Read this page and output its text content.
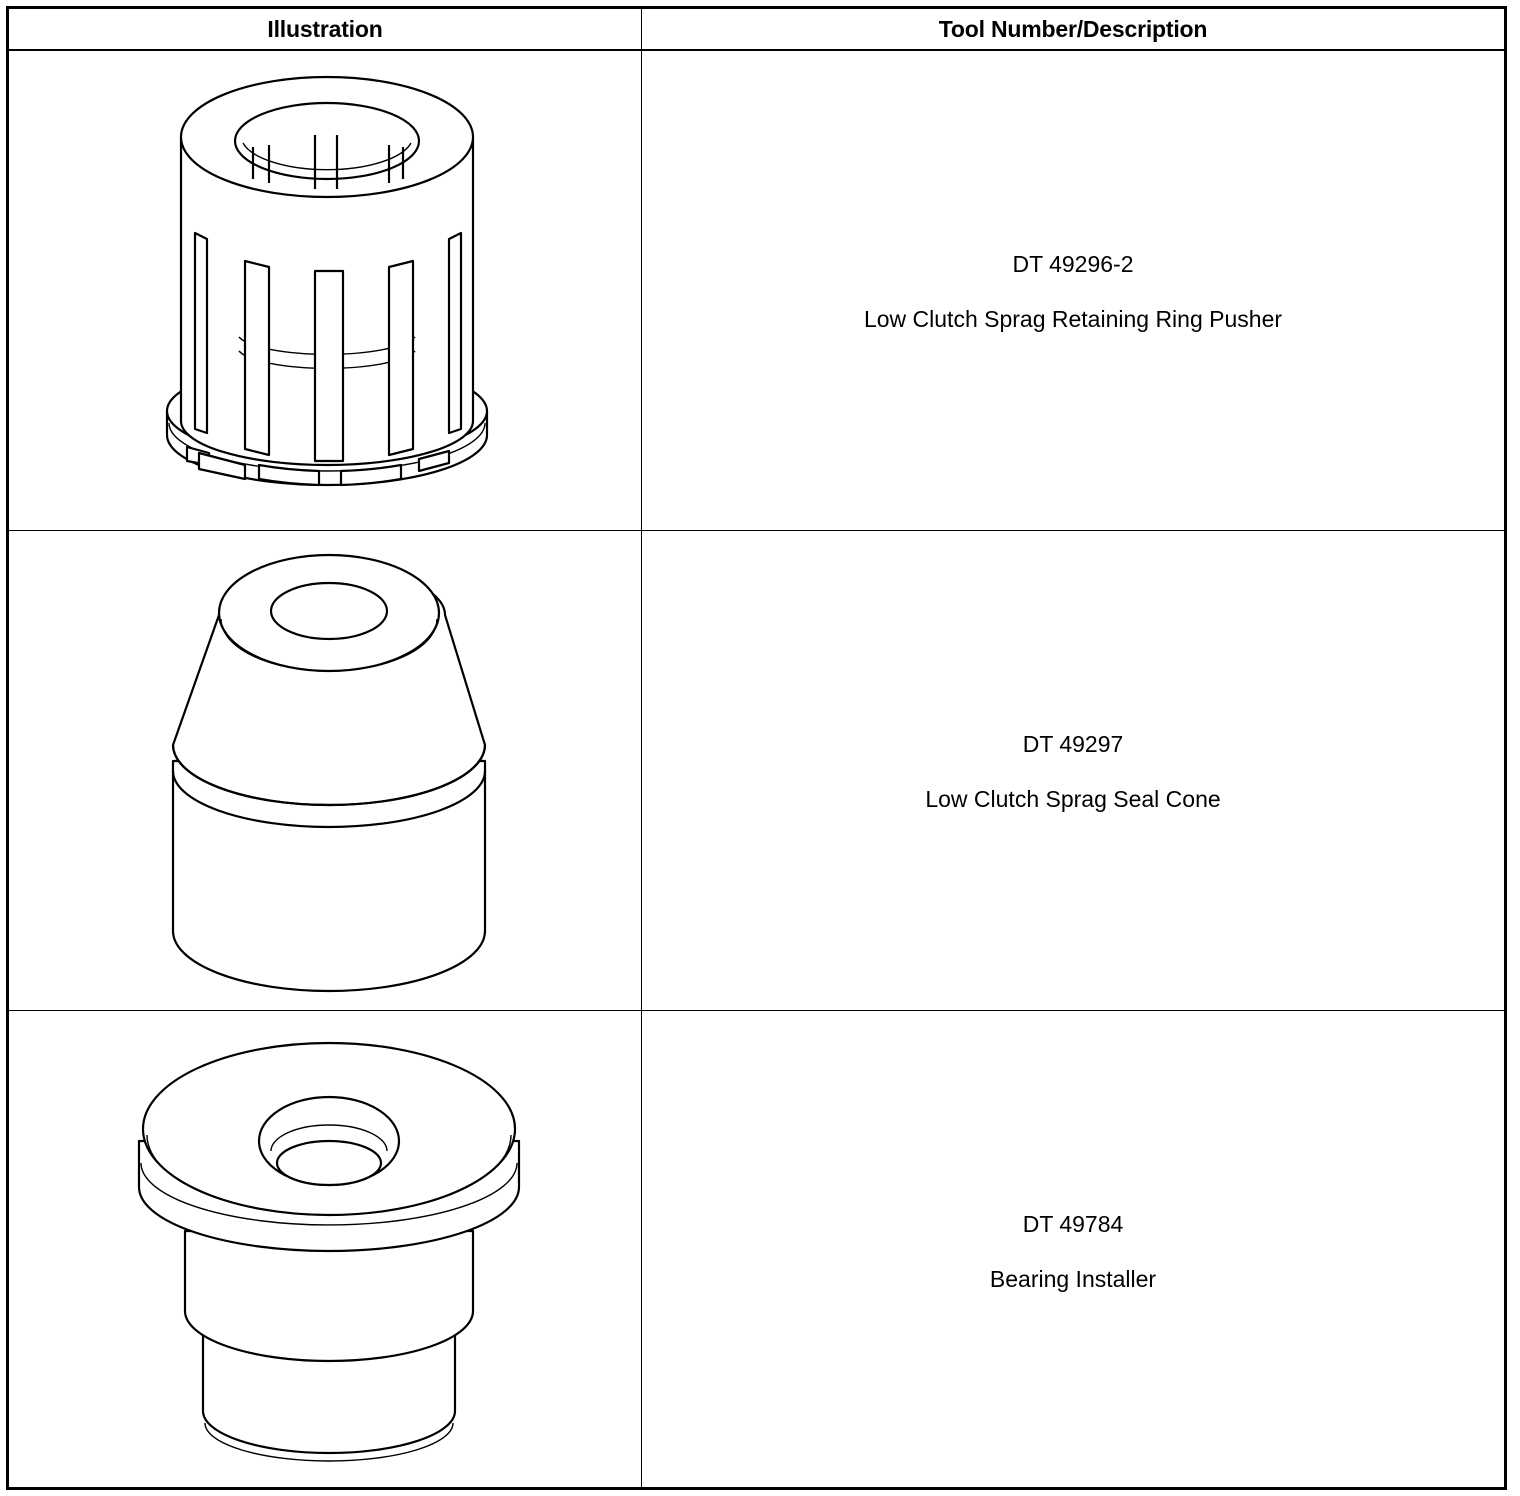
Illustration	Tool Number/Description
DT 49296-2
Low Clutch Sprag Retaining Ring Pusher
DT 49297
Low Clutch Sprag Seal Cone
DT 49784
Bearing Installer
